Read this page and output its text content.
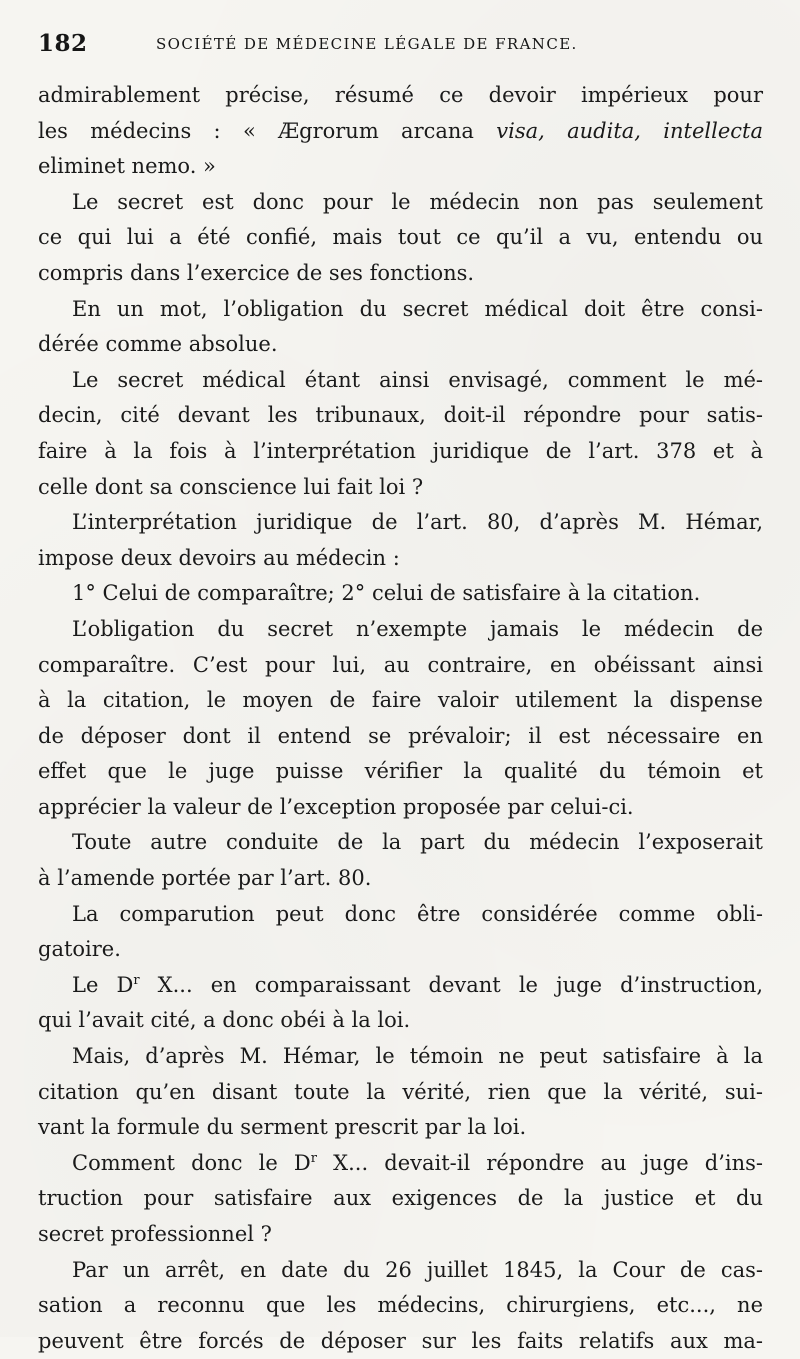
182	SOCIÉTÉ DE MÉDECINE LÉGALE DE FRANCE.
admirablement précise, résumé ce devoir impérieux pour
les médecins : « Ægrorum arcana visa, audita, intellecta
eliminet nemo. »
Le secret est donc pour le médecin non pas seulement
ce qui lui a été confié, mais tout ce qu’il a vu, entendu ou
compris dans l’exercice de ses fonctions.
En un mot, l’obligation du secret médical doit être consi-
dérée comme absolue.
Le secret médical étant ainsi envisagé, comment le mé-
decin, cité devant les tribunaux, doit-il répondre pour satis-
faire à la fois à l’interprétation juridique de l’art. 378 et à
celle dont sa conscience lui fait loi ?
L’interprétation juridique de l’art. 80, d’après M. Hémar,
impose deux devoirs au médecin :
1° Celui de comparaître; 2° celui de satisfaire à la citation.
L’obligation du secret n’exempte jamais le médecin de
comparaître. C’est pour lui, au contraire, en obéissant ainsi
à la citation, le moyen de faire valoir utilement la dispense
de déposer dont il entend se prévaloir; il est nécessaire en
effet que le juge puisse vérifier la qualité du témoin et
apprécier la valeur de l’exception proposée par celui-ci.
Toute autre conduite de la part du médecin l’exposerait
à l’amende portée par l’art. 80.
La comparution peut donc être considérée comme obli-
gatoire.
Le $D^r$ X... en comparaissant devant le juge d’instruction,
qui l’avait cité, a donc obéi à la loi.
Mais, d’après M. Hémar, le témoin ne peut satisfaire à la
citation qu’en disant toute la vérité, rien que la vérité, sui-
vant la formule du serment prescrit par la loi.
Comment donc le $D^r$ X... devait-il répondre au juge d’ins-
truction pour satisfaire aux exigences de la justice et du
secret professionnel ?
Par un arrêt, en date du 26 juillet 1845, la Cour de cas-
sation a reconnu que les médecins, chirurgiens, etc..., ne
peuvent être forcés de déposer sur les faits relatifs aux ma-
